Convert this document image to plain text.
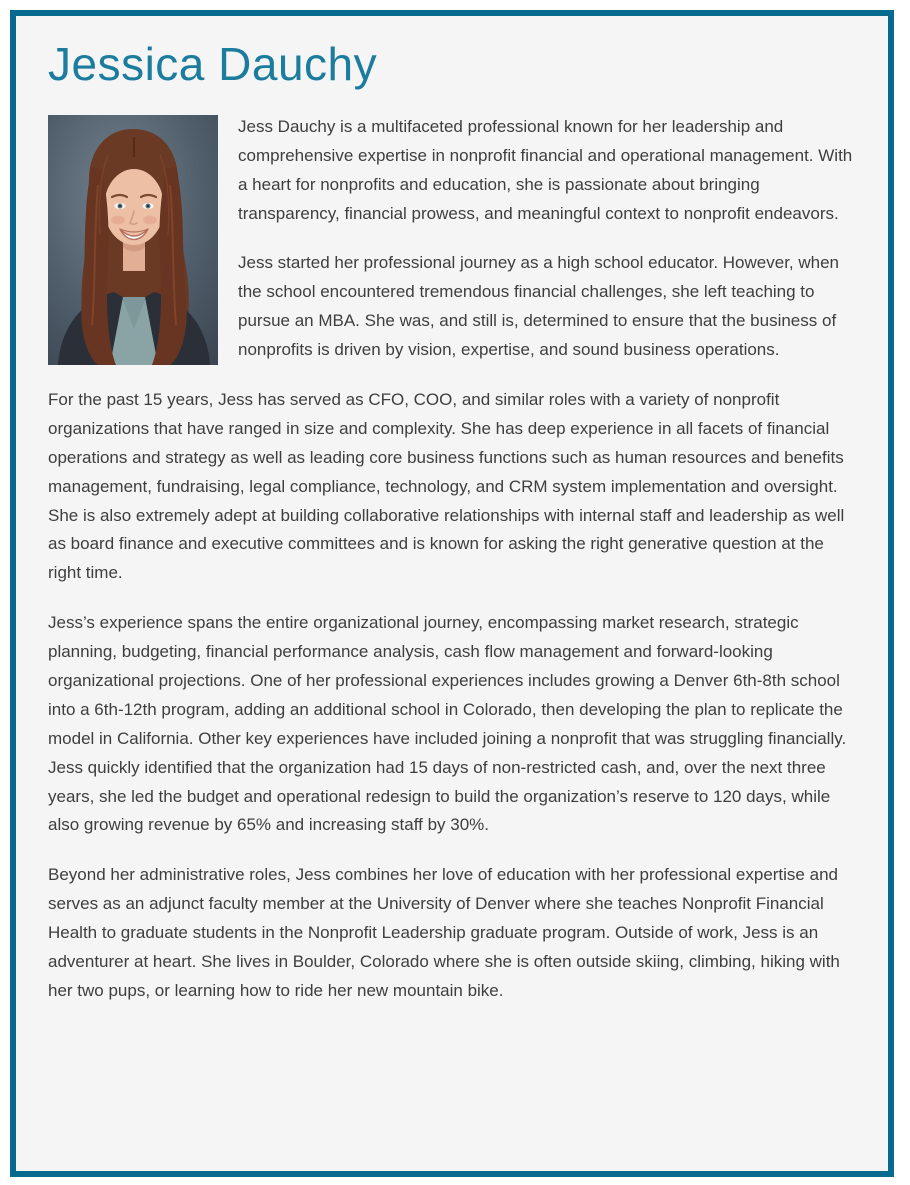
Jessica Dauchy

Jess Dauchy is a multifaceted professional known for her leadership and comprehensive expertise in nonprofit financial and operational management. With a heart for nonprofits and education, she is passionate about bringing transparency, financial prowess, and meaningful context to nonprofit endeavors.

Jess started her professional journey as a high school educator. However, when the school encountered tremendous financial challenges, she left teaching to pursue an MBA. She was, and still is, determined to ensure that the business of nonprofits is driven by vision, expertise, and sound business operations.

For the past 15 years, Jess has served as CFO, COO, and similar roles with a variety of nonprofit organizations that have ranged in size and complexity. She has deep experience in all facets of financial operations and strategy as well as leading core business functions such as human resources and benefits management, fundraising, legal compliance, technology, and CRM system implementation and oversight. She is also extremely adept at building collaborative relationships with internal staff and leadership as well as board finance and executive committees and is known for asking the right generative question at the right time.

Jess’s experience spans the entire organizational journey, encompassing market research, strategic planning, budgeting, financial performance analysis, cash flow management and forward-looking organizational projections. One of her professional experiences includes growing a Denver 6th-8th school into a 6th-12th program, adding an additional school in Colorado, then developing the plan to replicate the model in California. Other key experiences have included joining a nonprofit that was struggling financially. Jess quickly identified that the organization had 15 days of non-restricted cash, and, over the next three years, she led the budget and operational redesign to build the organization’s reserve to 120 days, while also growing revenue by 65% and increasing staff by 30%.

Beyond her administrative roles, Jess combines her love of education with her professional expertise and serves as an adjunct faculty member at the University of Denver where she teaches Nonprofit Financial Health to graduate students in the Nonprofit Leadership graduate program. Outside of work, Jess is an adventurer at heart. She lives in Boulder, Colorado where she is often outside skiing, climbing, hiking with her two pups, or learning how to ride her new mountain bike.
